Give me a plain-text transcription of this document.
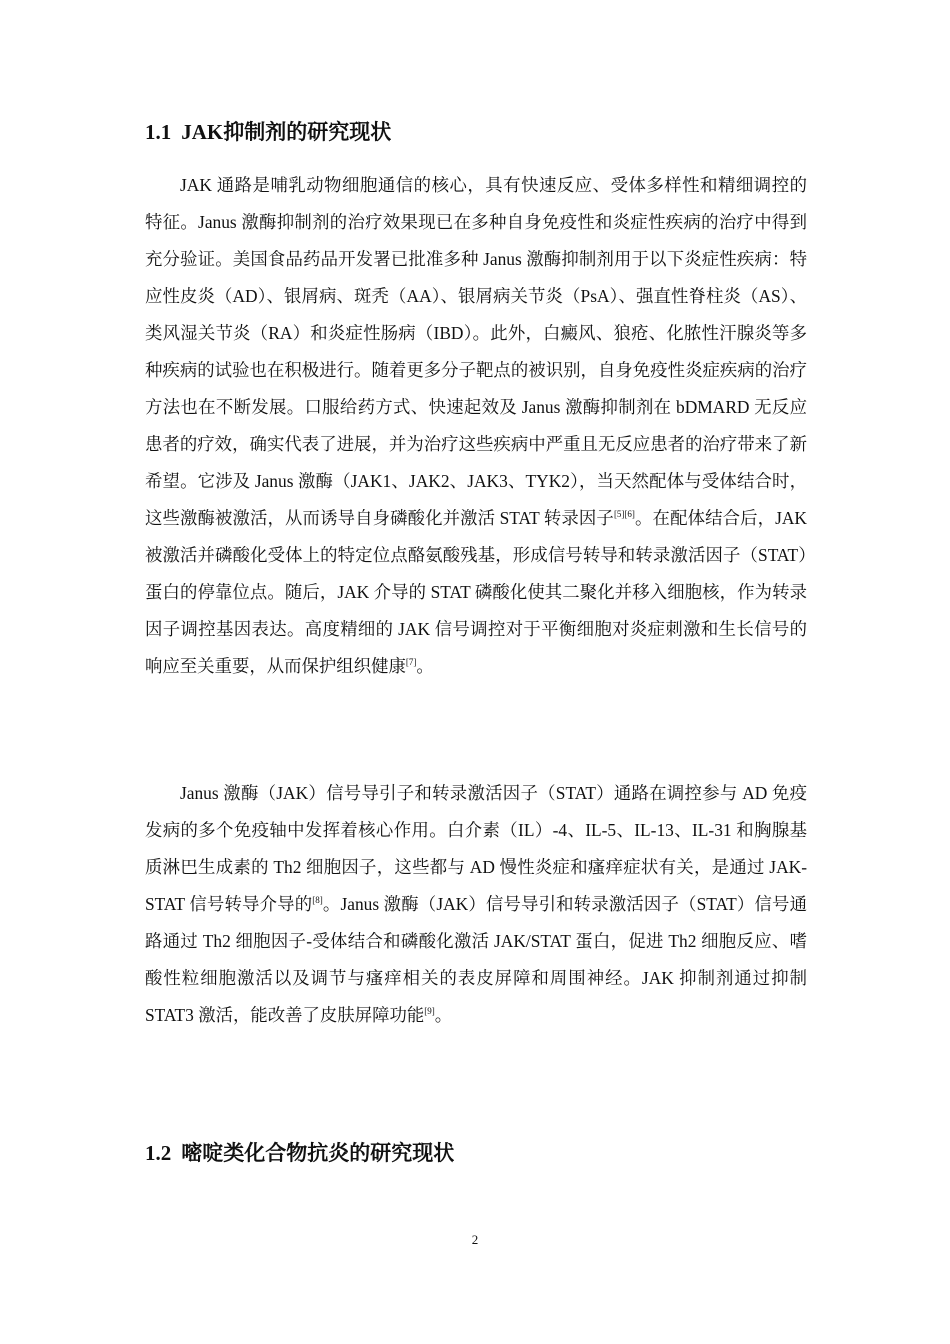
1.1 JAK抑制剂的研究现状

JAK 通路是哺乳动物细胞通信的核心，具有快速反应、受体多样性和精细调控的特征。Janus 激酶抑制剂的治疗效果现已在多种自身免疫性和炎症性疾病的治疗中得到充分验证。美国食品药品开发署已批准多种 Janus 激酶抑制剂用于以下炎症性疾病：特应性皮炎（AD）、银屑病、斑秃（AA）、银屑病关节炎（PsA）、强直性脊柱炎（AS）、类风湿关节炎（RA）和炎症性肠病（IBD）。此外，白癜风、狼疮、化脓性汗腺炎等多种疾病的试验也在积极进行。随着更多分子靶点的被识别，自身免疫性炎症疾病的治疗方法也在不断发展。口服给药方式、快速起效及 Janus 激酶抑制剂在 bDMARD 无反应患者的疗效，确实代表了进展，并为治疗这些疾病中严重且无反应患者的治疗带来了新希望。它涉及 Janus 激酶（JAK1、JAK2、JAK3、TYK2），当天然配体与受体结合时，这些激酶被激活，从而诱导自身磷酸化并激活 STAT 转录因子[5][6]。在配体结合后，JAK 被激活并磷酸化受体上的特定位点酪氨酸残基，形成信号转导和转录激活因子（STAT）蛋白的停靠位点。随后，JAK 介导的 STAT 磷酸化使其二聚化并移入细胞核，作为转录因子调控基因表达。高度精细的 JAK 信号调控对于平衡细胞对炎症刺激和生长信号的响应至关重要，从而保护组织健康[7]。

Janus 激酶（JAK）信号导引子和转录激活因子（STAT）通路在调控参与 AD 免疫发病的多个免疫轴中发挥着核心作用。白介素（IL）-4、IL-5、IL-13、IL-31 和胸腺基质淋巴生成素的 Th2 细胞因子，这些都与 AD 慢性炎症和瘙痒症状有关，是通过 JAK-STAT 信号转导介导的[8]。Janus 激酶（JAK）信号导引和转录激活因子（STAT）信号通路通过 Th2 细胞因子-受体结合和磷酸化激活 JAK/STAT 蛋白，促进 Th2 细胞反应、嗜酸性粒细胞激活以及调节与瘙痒相关的表皮屏障和周围神经。JAK 抑制剂通过抑制 STAT3 激活，能改善了皮肤屏障功能[9]。

1.2 嘧啶类化合物抗炎的研究现状
2
